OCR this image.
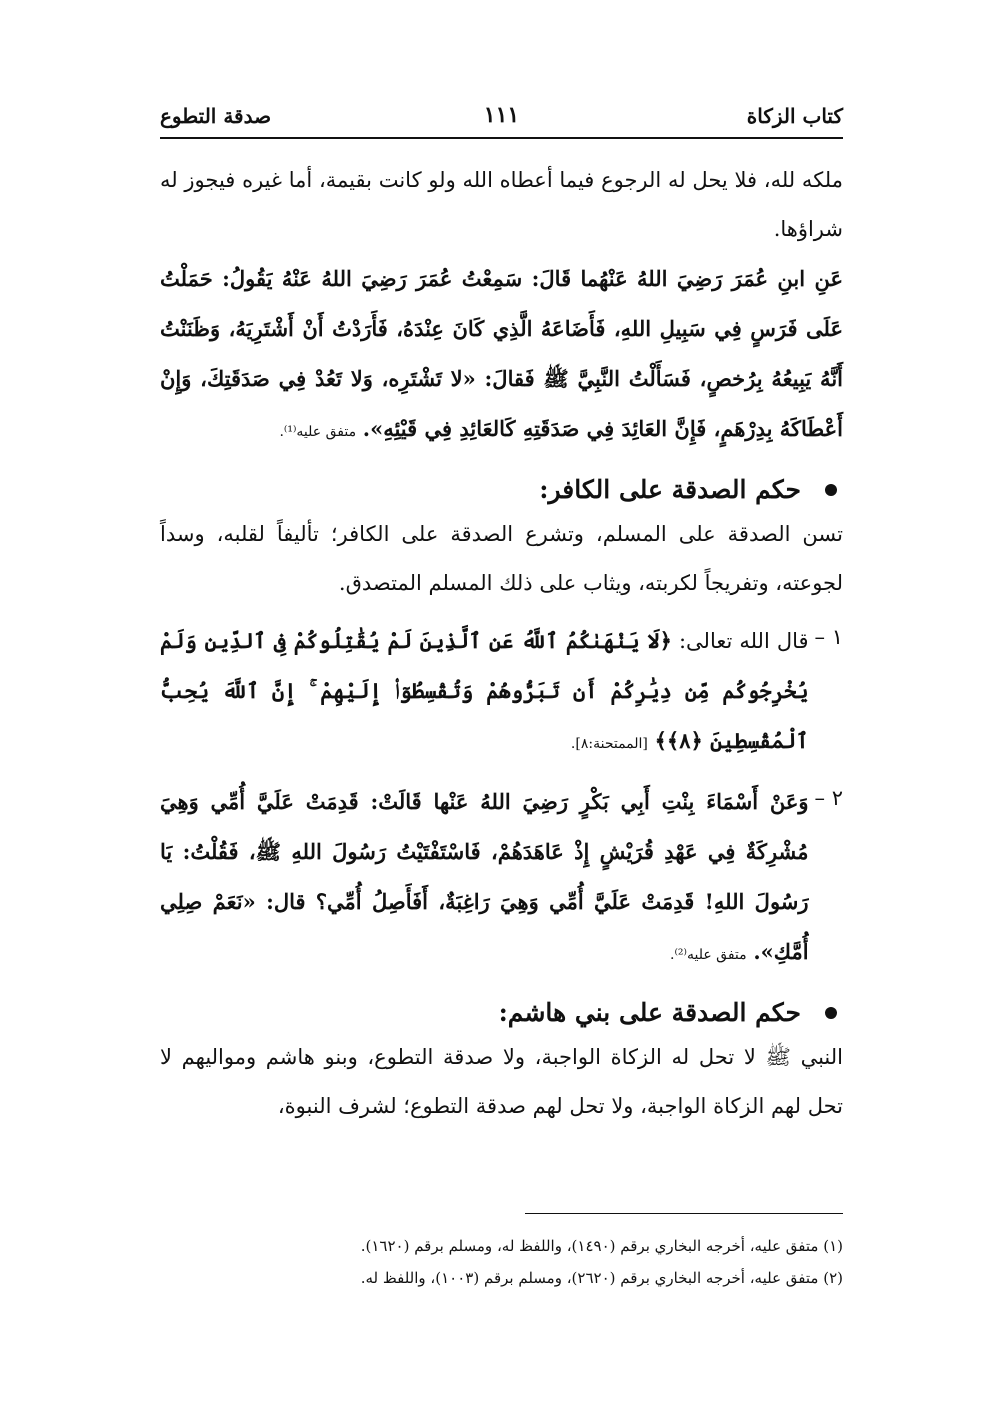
كتاب الزكاة
١١١
صدقة التطوع

ملكه لله، فلا يحل له الرجوع فيما أعطاه الله ولو كانت بقيمة، أما غيره فيجوز له شراؤها.

عَنِ ابنِ عُمَرَ رَضِيَ اللهُ عَنْهُما قَالَ: سَمِعْتُ عُمَرَ رَضِيَ اللهُ عَنْهُ يَقُولُ: حَمَلْتُ عَلَى فَرَسٍ فِي سَبِيلِ اللهِ، فَأَضَاعَهُ الَّذِي كَانَ عِنْدَهُ، فَأَرَدْتُ أَنْ أَشْتَرِيَهُ، وَظَنَنْتُ أَنَّهُ يَبِيعُهُ بِرُخصٍ، فَسَأَلْتُ النَّبِيَّ ﷺ فَقالَ: «لا تَشْتَرِه، وَلا تَعُدْ فِي صَدَقَتِكَ، وَإِنْ أَعْطَاكَهُ بِدِرْهَمٍ، فَإِنَّ العَائِدَ فِي صَدَقَتِهِ كَالعَائِدِ فِي قَيْئِهِ». متفق عليه⁽¹⁾.

حكم الصدقة على الكافر:

تسن الصدقة على المسلم، وتشرع الصدقة على الكافر؛ تأليفاً لقلبه، وسداً لجوعته، وتفريجاً لكربته، ويثاب على ذلك المسلم المتصدق.

١ –

قال الله تعالى: ﴿لَا يَنْهَىٰكُمُ ٱللَّهُ عَنِ ٱلَّذِينَ لَمْ يُقَٰتِلُوكُمْ فِى ٱلدِّينِ وَلَمْ يُخْرِجُوكُم مِّن دِيَٰرِكُمْ أَن تَبَرُّوهُمْ وَتُقْسِطُوٓا۟ إِلَيْهِمْ ۚ إِنَّ ٱللَّهَ يُحِبُّ ٱلْمُقْسِطِينَ ﴿٨﴾﴾ [الممتحنة:٨].

٢ –

وَعَنْ أَسْمَاءَ بِنْتِ أَبِي بَكْرٍ رَضِيَ اللهُ عَنْها قَالَتْ: قَدِمَتْ عَلَيَّ أُمِّي وَهِيَ مُشْرِكَةٌ فِي عَهْدِ قُرَيْشٍ إِذْ عَاهَدَهُمْ، فَاسْتَفْتَيْتُ رَسُولَ اللهِ ﷺ، فَقُلْتُ: يَا رَسُولَ اللهِ! قَدِمَتْ عَلَيَّ أُمِّي وَهِيَ رَاغِبَةٌ، أَفَأَصِلُ أُمِّي؟ قال: «نَعَمْ صِلِي أُمَّكِ». متفق عليه⁽²⁾.

حكم الصدقة على بني هاشم:

النبي ﷺ لا تحل له الزكاة الواجبة، ولا صدقة التطوع، وبنو هاشم ومواليهم لا تحل لهم الزكاة الواجبة، ولا تحل لهم صدقة التطوع؛ لشرف النبوة،

(١) متفق عليه، أخرجه البخاري برقم (١٤٩٠)، واللفظ له، ومسلم برقم (١٦٢٠).

(٢) متفق عليه، أخرجه البخاري برقم (٢٦٢٠)، ومسلم برقم (١٠٠٣)، واللفظ له.
